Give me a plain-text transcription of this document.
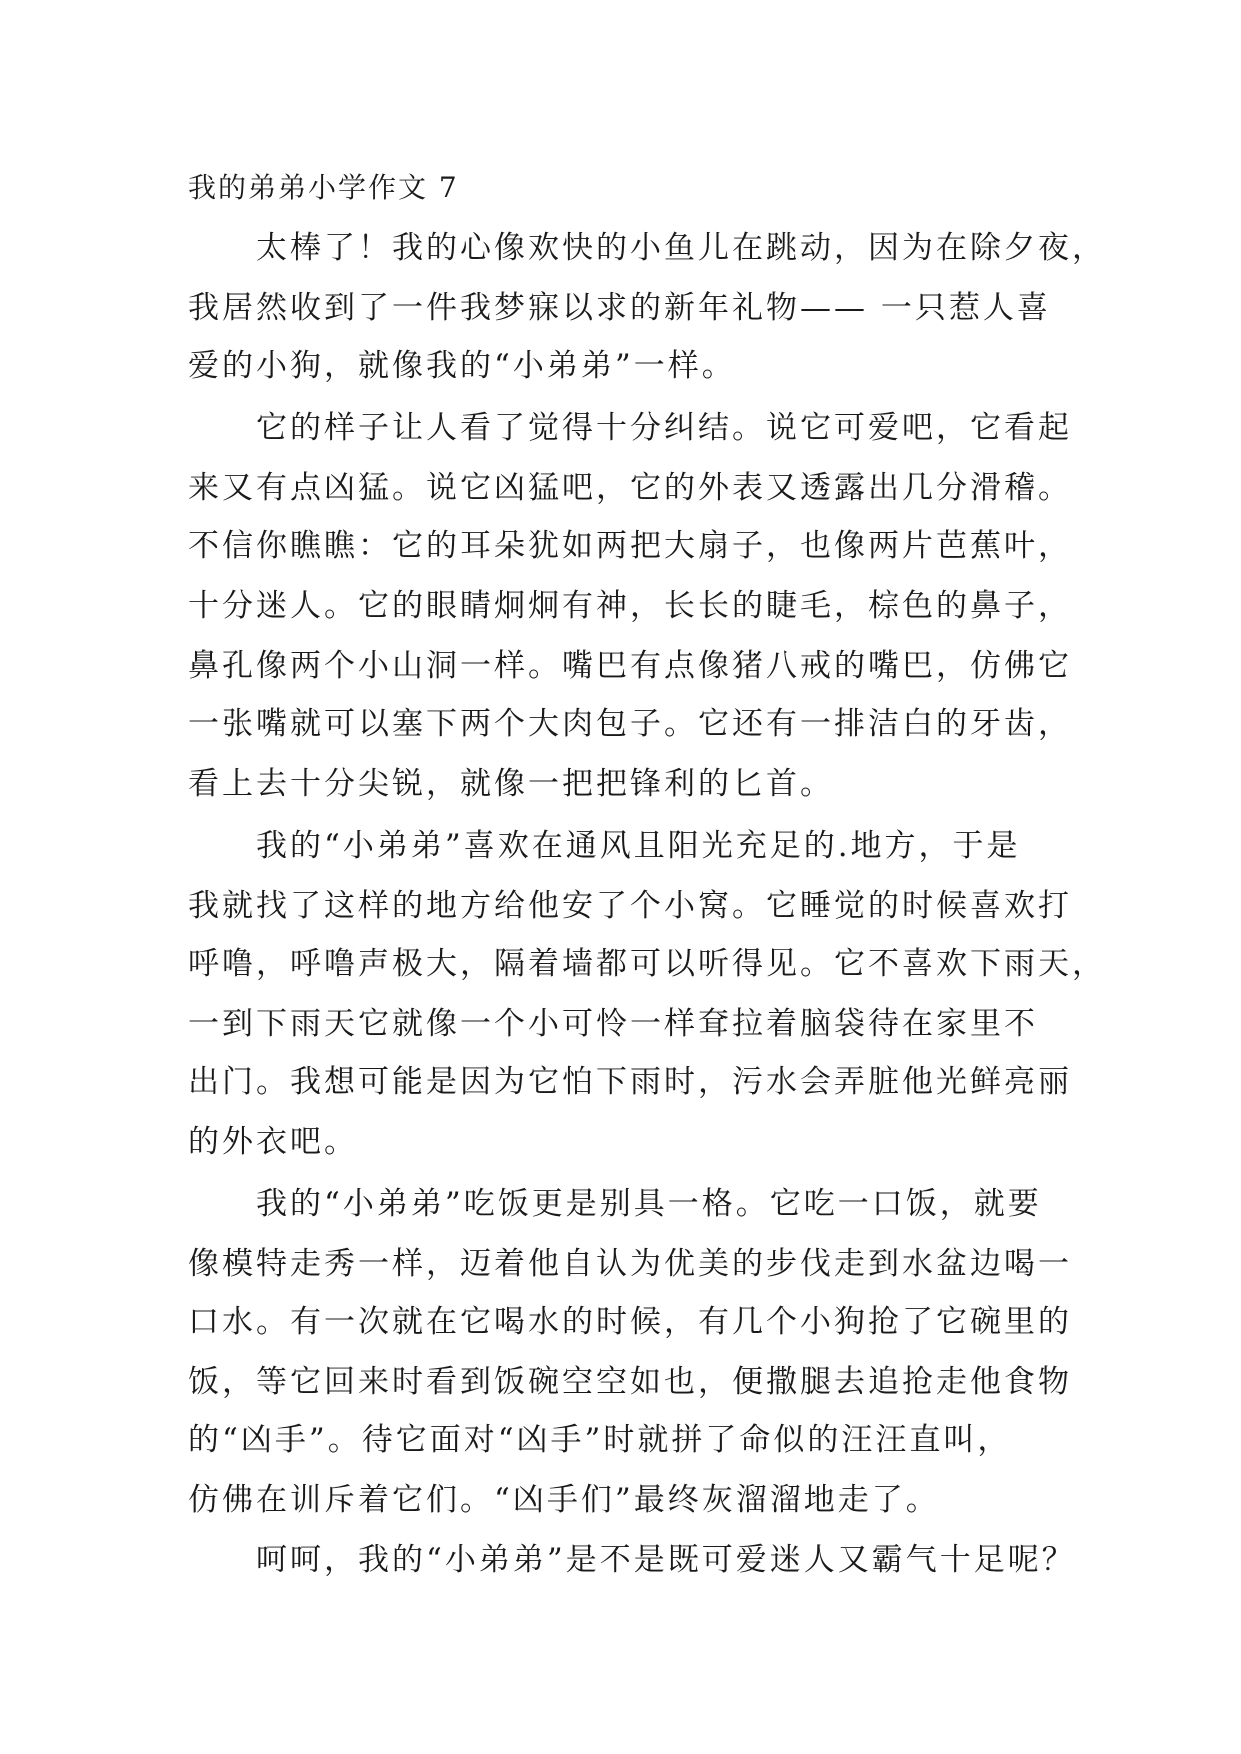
我的弟弟小学作文 7
太棒了！我的心像欢快的小鱼儿在跳动，因为在除夕夜，
我居然收到了一件我梦寐以求的新年礼物—— 一只惹人喜
爱的小狗，就像我的“小弟弟”一样。
它的样子让人看了觉得十分纠结。说它可爱吧，它看起
来又有点凶猛。说它凶猛吧，它的外表又透露出几分滑稽。
不信你瞧瞧：它的耳朵犹如两把大扇子，也像两片芭蕉叶，
十分迷人。它的眼睛炯炯有神，长长的睫毛，棕色的鼻子，
鼻孔像两个小山洞一样。嘴巴有点像猪八戒的嘴巴，仿佛它
一张嘴就可以塞下两个大肉包子。它还有一排洁白的牙齿，
看上去十分尖锐，就像一把把锋利的匕首。
我的“小弟弟”喜欢在通风且阳光充足的.地方，于是
我就找了这样的地方给他安了个小窝。它睡觉的时候喜欢打
呼噜，呼噜声极大，隔着墙都可以听得见。它不喜欢下雨天，
一到下雨天它就像一个小可怜一样耷拉着脑袋待在家里不
出门。我想可能是因为它怕下雨时，污水会弄脏他光鲜亮丽
的外衣吧。
我的“小弟弟”吃饭更是别具一格。它吃一口饭，就要
像模特走秀一样，迈着他自认为优美的步伐走到水盆边喝一
口水。有一次就在它喝水的时候，有几个小狗抢了它碗里的
饭，等它回来时看到饭碗空空如也，便撒腿去追抢走他食物
的“凶手”。待它面对“凶手”时就拼了命似的汪汪直叫，
仿佛在训斥着它们。“凶手们”最终灰溜溜地走了。
呵呵，我的“小弟弟”是不是既可爱迷人又霸气十足呢？
